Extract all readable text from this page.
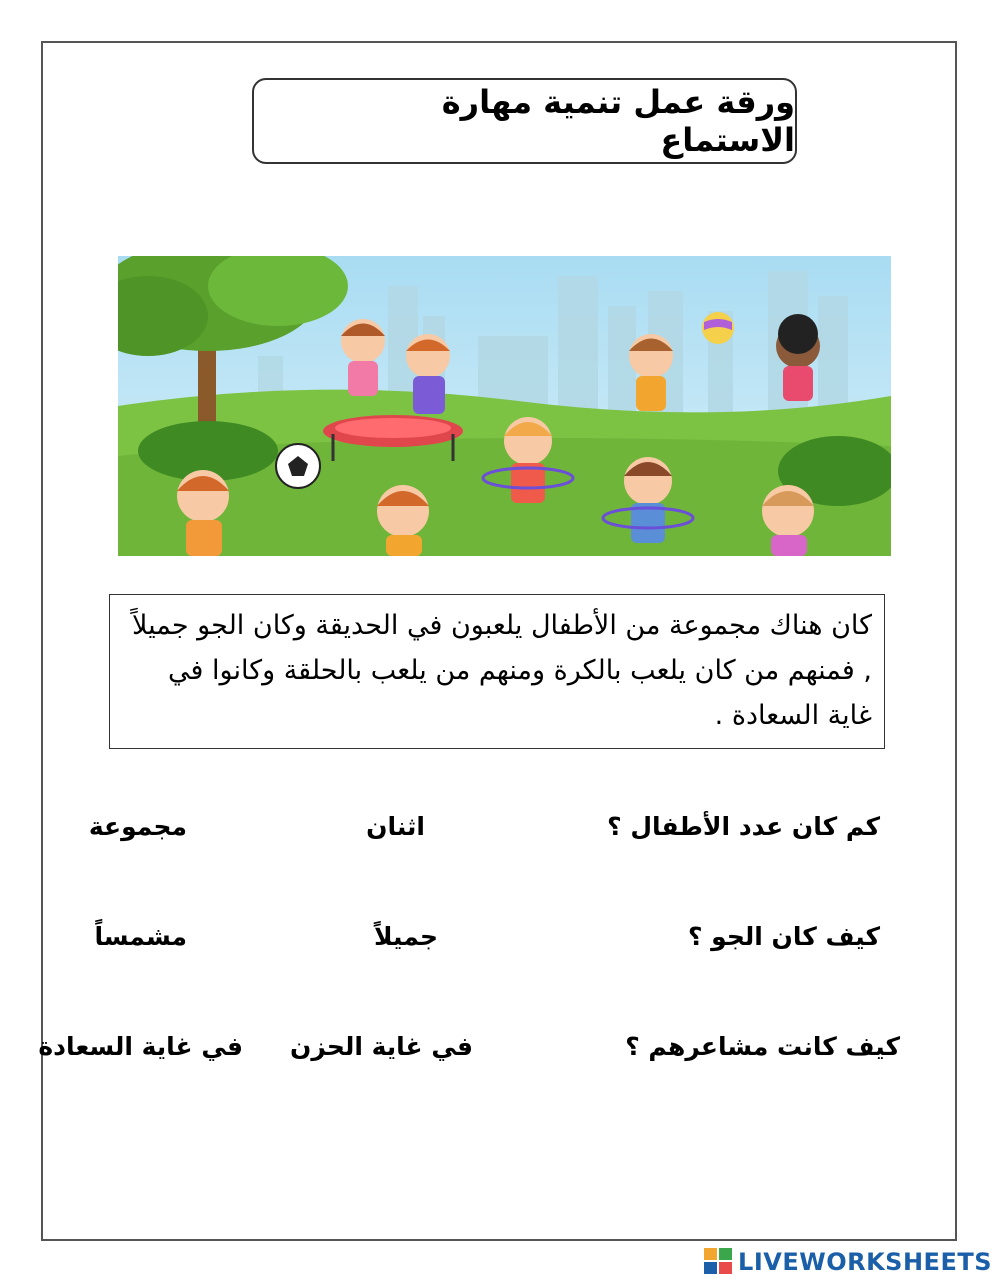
ورقة عمل تنمية مهارة الاستماع
كان هناك مجموعة من الأطفال يلعبون في الحديقة وكان الجو جميلاً , فمنهم من كان يلعب بالكرة ومنهم من يلعب بالحلقة وكانوا في غاية السعادة .
كم كان عدد الأطفال ؟
اثنان
مجموعة
كيف كان الجو ؟
جميلاً
مشمساً
كيف كانت مشاعرهم ؟
في غاية الحزن
في غاية السعادة
LIVEWORKSHEETS
